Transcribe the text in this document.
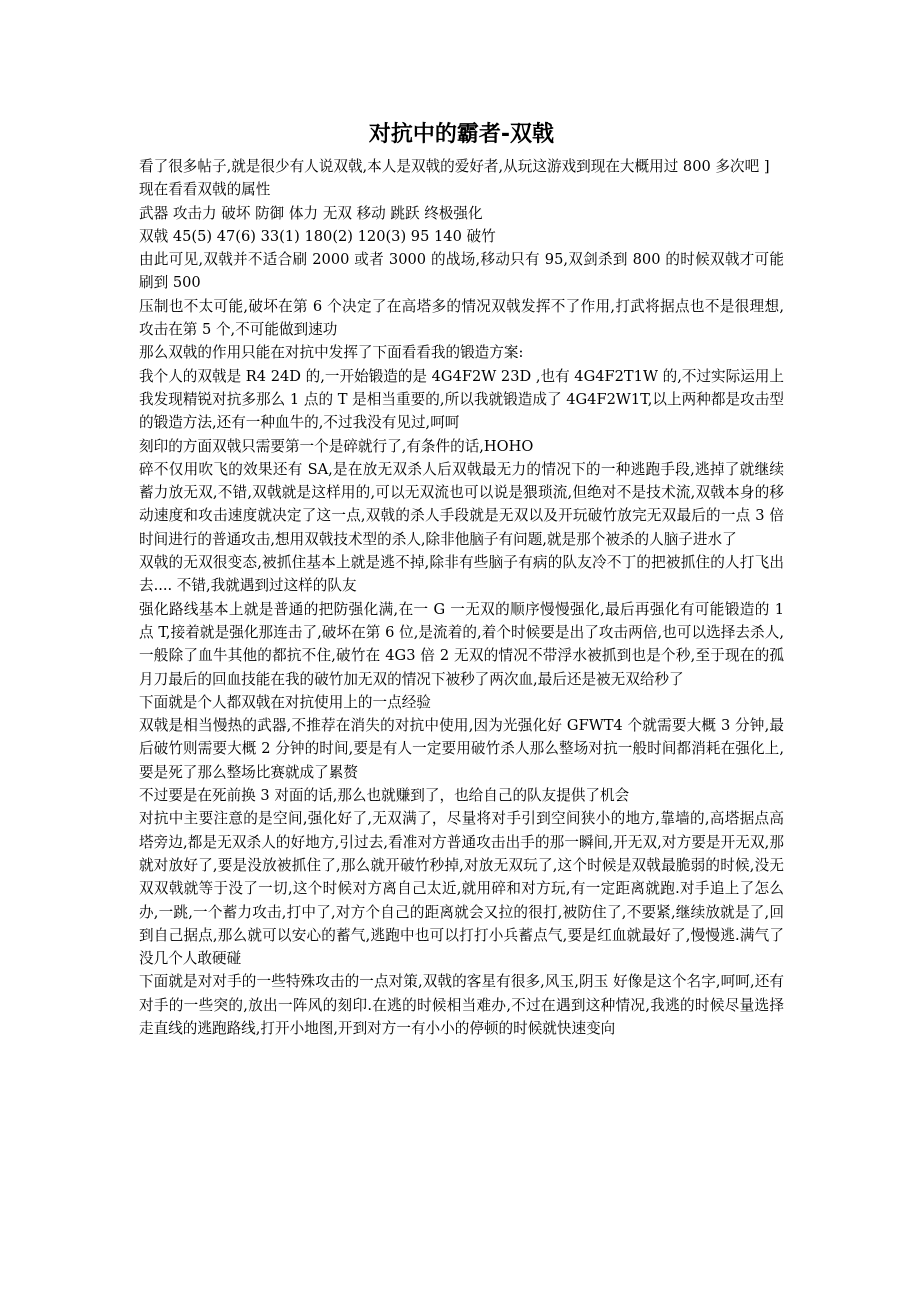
对抗中的霸者-双戟

看了很多帖子,就是很少有人说双戟,本人是双戟的爱好者,从玩这游戏到现在大概用过 800 多次吧 ]

现在看看双戟的属性

武器 攻击力 破坏 防御 体力 无双 移动 跳跃 终极强化

双戟 45(5) 47(6) 33(1) 180(2) 120(3) 95 140 破竹

由此可见,双戟并不适合刷 2000 或者 3000 的战场,移动只有 95,双剑杀到 800 的时候双戟才可能刷到 500

压制也不太可能,破坏在第 6 个决定了在高塔多的情况双戟发挥不了作用,打武将据点也不是很理想,攻击在第 5 个,不可能做到速功

那么双戟的作用只能在对抗中发挥了下面看看我的锻造方案:

我个人的双戟是 R4 24D 的,一开始锻造的是 4G4F2W 23D ,也有 4G4F2T1W 的,不过实际运用上我发现精锐对抗多那么 1 点的 T 是相当重要的,所以我就锻造成了 4G4F2W1T,以上两种都是攻击型的锻造方法,还有一种血牛的,不过我没有见过,呵呵

刻印的方面双戟只需要第一个是碎就行了,有条件的话,HOHO

碎不仅用吹飞的效果还有 SA,是在放无双杀人后双戟最无力的情况下的一种逃跑手段,逃掉了就继续蓄力放无双,不错,双戟就是这样用的,可以无双流也可以说是猥琐流,但绝对不是技术流,双戟本身的移动速度和攻击速度就决定了这一点,双戟的杀人手段就是无双以及开玩破竹放完无双最后的一点 3 倍时间进行的普通攻击,想用双戟技术型的杀人,除非他脑子有问题,就是那个被杀的人脑子进水了

双戟的无双很变态,被抓住基本上就是逃不掉,除非有些脑子有病的队友冷不丁的把被抓住的人打飞出去.... 不错,我就遇到过这样的队友

强化路线基本上就是普通的把防强化满,在一 G 一无双的顺序慢慢强化,最后再强化有可能锻造的 1 点 T,接着就是强化那连击了,破坏在第 6 位,是流着的,着个时候要是出了攻击两倍,也可以选择去杀人,一般除了血牛其他的都抗不住,破竹在 4G3 倍 2 无双的情况不带浮水被抓到也是个秒,至于现在的孤月刀最后的回血技能在我的破竹加无双的情况下被秒了两次血,最后还是被无双给秒了

下面就是个人都双戟在对抗使用上的一点经验

双戟是相当慢热的武器,不推荐在消失的对抗中使用,因为光强化好 GFWT4 个就需要大概 3 分钟,最后破竹则需要大概 2 分钟的时间,要是有人一定要用破竹杀人那么整场对抗一般时间都消耗在强化上,要是死了那么整场比赛就成了累赘

不过要是在死前换 3 对面的话,那么也就赚到了，也给自己的队友提供了机会

对抗中主要注意的是空间,强化好了,无双满了，尽量将对手引到空间狭小的地方,靠墙的,高塔据点高塔旁边,都是无双杀人的好地方,引过去,看准对方普通攻击出手的那一瞬间,开无双,对方要是开无双,那就对放好了,要是没放被抓住了,那么就开破竹秒掉,对放无双玩了,这个时候是双戟最脆弱的时候,没无双双戟就等于没了一切,这个时候对方离自己太近,就用碎和对方玩,有一定距离就跑.对手追上了怎么办,一跳,一个蓄力攻击,打中了,对方个自己的距离就会又拉的很打,被防住了,不要紧,继续放就是了,回到自己据点,那么就可以安心的蓄气,逃跑中也可以打打小兵蓄点气,要是红血就最好了,慢慢逃.满气了没几个人敢硬碰

下面就是对对手的一些特殊攻击的一点对策,双戟的客星有很多,风玉,阴玉 好像是这个名字,呵呵,还有对手的一些突的,放出一阵风的刻印.在逃的时候相当难办,不过在遇到这种情况,我逃的时候尽量选择走直线的逃跑路线,打开小地图,开到对方一有小小的停顿的时候就快速变向
